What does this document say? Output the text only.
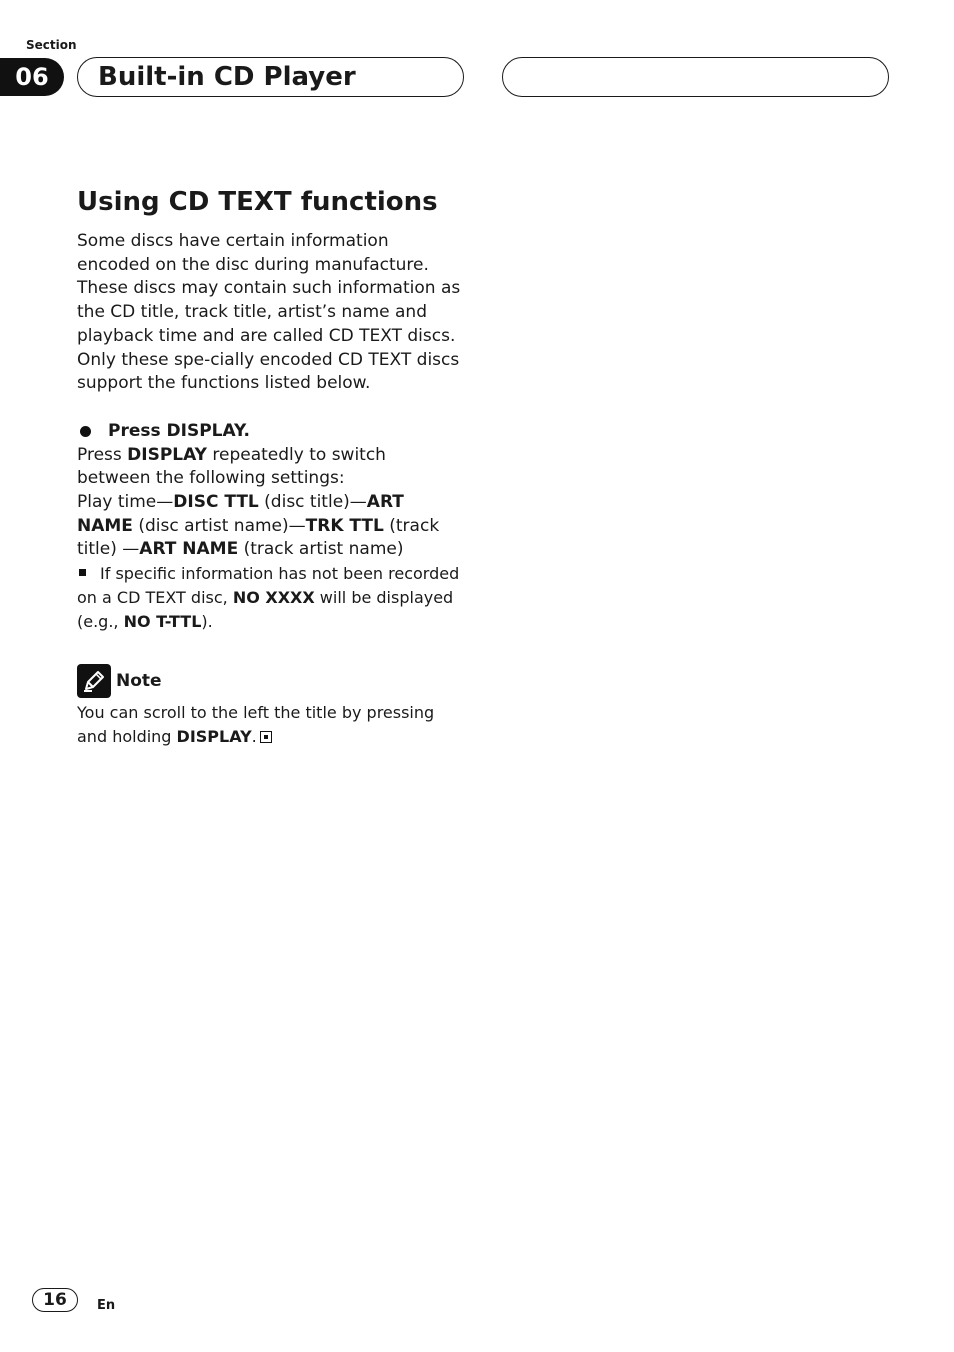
Section
06	Built-in CD Player
Using CD TEXT functions

Some discs have certain information encoded on the disc during manufacture. These discs may contain such information as the CD title, track title, artist’s name and playback time and are called CD TEXT discs. Only these spe-cially encoded CD TEXT discs support the functions listed below.

Press DISPLAY.

Press DISPLAY repeatedly to switch between the following settings:

Play time—DISC TTL (disc title)—ART NAME (disc artist name)—TRK TTL (track title) —ART NAME (track artist name)

If specific information has not been recorded on a CD TEXT disc, NO XXXX will be displayed (e.g., NO T-TTL).

Note

You can scroll to the left the title by pressing and holding DISPLAY.

16	En
